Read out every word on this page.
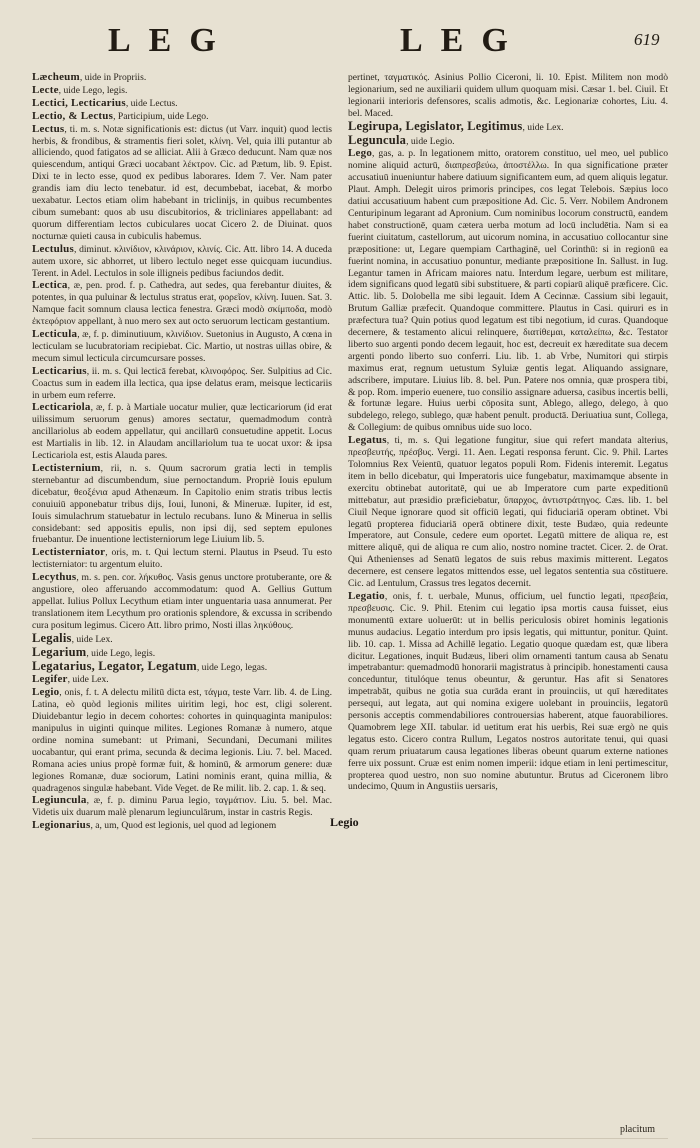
LEG	LEG	619
Læcheum, uide in Propriis.
Lecte, uide Lego, legis.
Lectici, Lecticarius, uide Lectus.
Lectio, & Lectus, Participium, uide Lego.
Lectus, ti. m. s. Notæ significationis est: dictus (ut Varr. inquit) quod lectis herbis, & frondibus, & stramentis fieri solet, κλίνη. Vel, quia illi putantur ab alliciendo, quod fatigatos ad se alliciat. Alii à Græco deducunt. Nam quæ nos quiescendum, antiqui Græci uocabant λέκτρον. Cic. ad Pætum, lib. 9. Epist. Dixi te in lecto esse, quod ex pedibus laborares. Idem 7. Ver. Nam pater grandis iam diu lecto tenebatur. id est, decumbebat, iacebat, & morbo uexabatur. Lectos etiam olim habebant in triclinijs, in quibus recumbentes cibum sumebant: quos ab usu discubitorios, & tricliniares appellabant: ad quorum differentiam lectos cubiculares uocat Cicero 2. de Diuinat. quos nocturnæ quieti causa in cubiculis habemus.
Lectulus, diminut. κλινίδιον, κλινάριον, κλινίς. Cic. Att. libro 14. A duceda autem uxore, sic abhorret, ut libero lectulo neget esse quicquam iucundius. Terent. in Adel. Lectulos in sole illigneis pedibus faciundos dedit.
Lectica, æ, pen. prod. f. p. Cathedra, aut sedes, qua ferebantur diuites, & potentes, in qua puluinar & lectulus stratus erat, φορεῖον, κλίνη. Iuuen. Sat. 3. Namque facit somnum clausa lectica fenestra. Græci modò σκίμποδα, modò ἐκτεφόριον appellant, à nuo mero sex aut octo seruorum lecticam gestantium.
Lecticula, æ, f. p. diminutiuum, κλινίδιον. Suetonius in Augusto, A cœna in lecticulam se lucubratoriam recipiebat. Cic. Martio, ut nostras uillas obire, & mecum simul lecticula circumcursare posses.
Lecticarius, ii. m. s. Qui lecticā ferebat, κλινοφόρος. Ser. Sulpitius ad Cic. Coactus sum in eadem illa lectica, qua ipse delatus eram, meisque lecticariis in urbem eum referre.
Lecticariola, æ, f. p. à Martiale uocatur mulier, quæ lecticariorum (id erat uilissimum seruorum genus) amores sectatur, quemadmodum contrà ancillariolus ab eodem appellatur, qui ancillarū consuetudine appetit. Locus est Martialis in lib. 12. in Alaudam ancillariolum tua te uocat uxor: & ipsa Lecticariola est, estis Alauda pares.
Lectisternium, rii, n. s. Quum sacrorum gratia lecti in templis sternebantur ad discumbendum, siue pernoctandum. Propriè Iouis epulum dicebatur, θεοξένια apud Athenæum. In Capitolio enim stratis tribus lectis conuiuiū apponebatur tribus dijs, Ioui, Iunoni, & Mineruæ. Iupiter, id est, Iouis simulachrum statuebatur in lectulo recubans. Iuno & Minerua in sellis considebant: sed appositis epulis, non ipsi dij, sed septem epulones fruebantur. De inuentione lectisterniorum lege Liuium lib. 5.
Lectisterniator, oris, m. t. Qui lectum sterni. Plautus in Pseud. Tu esto lectisterniator: tu argentum eluito.
Lecythus, m. s. pen. cor. λήκυθος. Vasis genus unctore protuberante, ore & angustiore, oleo afferuando accommodatum: quod A. Gellius Guttum appellat. Iulius Pollux Lecythum etiam inter unguentaria uasa annumerat. Per translationem item Lecythum pro orationis splendore, & excussa in scribendo cura positum legimus. Cicero Att. libro primo, Nosti illas ληκύθους.
Legalis, uide Lex.
Legarium, uide Lego, legis.
Legatarius, Legator, Legatum, uide Lego, legas.
Legifer, uide Lex.
Legio, onis, f. t. A delectu militū dicta est, τάγμα, teste Varr. lib. 4. de Ling. Latina, eò quòd legionis milites uiritim legi, hoc est, cligi solerent. Diuidebantur legio in decem cohortes: cohortes in quinquaginta manipulos: manipulus in uiginti quinque milites. Legiones Romanæ à numero, atque ordine nomina sumebant: ut Primani, Secundani, Decumani milites uocabantur, qui erant prima, secunda & decima legionis. Liu. 7. bel. Maced. Romana acies unius propè formæ fuit, & hominū, & armorum genere: duæ legiones Romanæ, duæ sociorum, Latini nominis erant, quina millia, & quadragenos singulæ habebant. Vide Veget. de Re milit. lib. 2. cap. 1. & seq.
Legiuncula, æ, f. p. diminu Parua legio, ταγμάτιον. Liu. 5. bel. Mac. Videtis uix duarum malè plenarum legiunculārum, instar in castris Regis.
Legionarius, a, um, Quod est legionis, uel quod ad legionem	Legio
pertinet, ταγματικός. Asinius Pollio Ciceroni, li. 10. Epist. Militem non modò legionarium, sed ne auxiliarii quidem ullum quoquam misi. Cæsar 1. bel. Ciuil. Et legionarii interioris defensores, scalis admotis, &c. Legionariæ cohortes, Liu. 4. bel. Maced.
Legirupa, Legislator, Legitimus, uide Lex.
Leguncula, uide Legio.
Lego, gas, a. p. In legationem mitto, oratorem constituo, uel meo, uel publico nomine aliquid acturū, διαπρεσβεύω, ἀποστέλλω. In qua significatione præter accusatiuū inueniuntur habere datiuum significantem eum, ad quem aliquis legatur. Plaut. Amph. Delegit uiros primoris principes, cos legat Telebois. Sæpius loco datiui accusatiuum habent cum præpositione Ad. Cic. 5. Verr. Nobilem Andronem Centuripinum legarant ad Apronium. Cum nominibus locorum constructū, eandem habet constructionē, quam cætera uerba motum ad locū includētia. Nam si ea fuerint ciuitatum, castellorum, aut uicorum nomina, in accusatiuo collocantur sine præpositione: ut, Legare quempiam Carthaginē, uel Corinthū: si in regionū ea fuerint nomina, in accusatiuo ponuntur, mediante præpositione In. Sallust. in Iug. Legantur tamen in Africam maiores natu. Interdum legare, uerbum est militare, idem significans quod legatū sibi substituere, & parti copiarū aliquē præficere. Cic. Attic. lib. 5. Dolobella me sibi legauit. Idem A Cecinnæ. Cassium sibi legauit, Brutum Galliæ præfecit. Quandoque committere. Plautus in Casi. quiruri es in præfectura tua? Quin potius quod legatum est tibi negotium, id curas. Quandoque decernere, & testamento alicui relinquere, διατίθεμαι, καταλείπω, &c. Testator liberto suo argenti pondo decem legauit, hoc est, decreuit ex hæreditate sua decem argenti pondo liberto suo conferri. Liu. lib. 1. ab Vrbe, Numitori qui stirpis maximus erat, regnum uetustum Syluiæ gentis legat. Aliquando assignare, adscribere, imputare. Liuius lib. 8. bel. Pun. Patere nos omnia, quæ prospera tibi, & pop. Rom. imperio euenere, tuo consilio assignare aduersa, casibus incertis belli, & fortunæ legare. Huius uerbi cōposita sunt, Ablego, allego, delego, à quo subdelego, relego, sublego, quæ habent penult. productā. Deriuatiua sunt, Collega, & Collegium: de quibus omnibus uide suo loco.
Legatus, ti, m. s. Qui legatione fungitur, siue qui refert mandata alterius, πρεσβευτής, πρέσβυς. Vergi. 11. Aen. Legati responsa ferunt. Cic. 9. Phil. Lartes Tolomnius Rex Veientū, quatuor legatos populi Rom. Fidenis interemit. Legatus item in bello dicebatur, qui Imperatoris uice fungebatur, maximamque absente in exercitu obtinebat autoritatē, qui ue ab Imperatore cum parte expeditionū mittebatur, aut præsidio præficiebatur, ὕπαρχος, ἀντιστράτηγος. Cæs. lib. 1. bel Ciuil Neque ignorare quod sit officiū legati, qui fiduciariā operam obtinet. Vbi legatū propterea fiduciariā operā obtinere dixit, teste Budæo, quia redeunte Imperatore, aut Consule, cedere eum oportet. Legatū mittere de aliqua re, est mittere aliquē, qui de aliqua re cum alio, nostro nomine tractet. Cicer. 2. de Orat. Qui Athenienses ad Senatū legatos de suis rebus maximis mitterent. Legatos decernere, est censere legatos mittendos esse, uel legatos sententia sua cōstituere. Cic. ad Lentulum, Crassus tres legatos decernit.
Legatio, onis, f. t. uerbale, Munus, officium, uel functio legati, πρεσβεία, πρεσβευσις. Cic. 9. Phil. Etenim cui legatio ipsa mortis causa fuisset, eius monumentū extare uoluerūt: ut in bellis periculosis obiret hominis legationis munus audacius. Legatio interdum pro ipsis legatis, qui mittuntur, ponitur. Quint. lib. 10. cap. 1. Missa ad Achillē legatio. Legatio quoque quædam est, quæ libera dicitur. Legationes, inquit Budæus, liberi olim ornamenti tantum causa ab Senatu impetrabantur: quemadmodū honorarii magistratus à principib. honestamenti causa conceduntur, titulóque tenus obeuntur, & geruntur. Has afit si Senatores impetrabāt, quibus ne gotia sua curāda erant in prouinciis, ut quī hæreditates persequi, aut legata, aut qui nomina exigere uolebant in prouinciis, legatorū personis acceptis commendabiliores controuersias haberent, atque fauorabiliores. Quamobrem lege XII. tabular. id uetitum erat his uerbis, Rei suæ ergò ne quis legatus esto. Cicero contra Rullum, Legatos nostros autoritate tenui, qui quasi quam rerum priuatarum causa legationes liberas obeunt quarum externe nationes ferre uix possunt. Cruæ est enim nomen imperii: idque etiam in leni pertimescitur, propterea quod uestro, non suo nomine abutuntur. Brutus ad Ciceronem libro undecimo, Quum in Angustiis uersaris,
placitum
